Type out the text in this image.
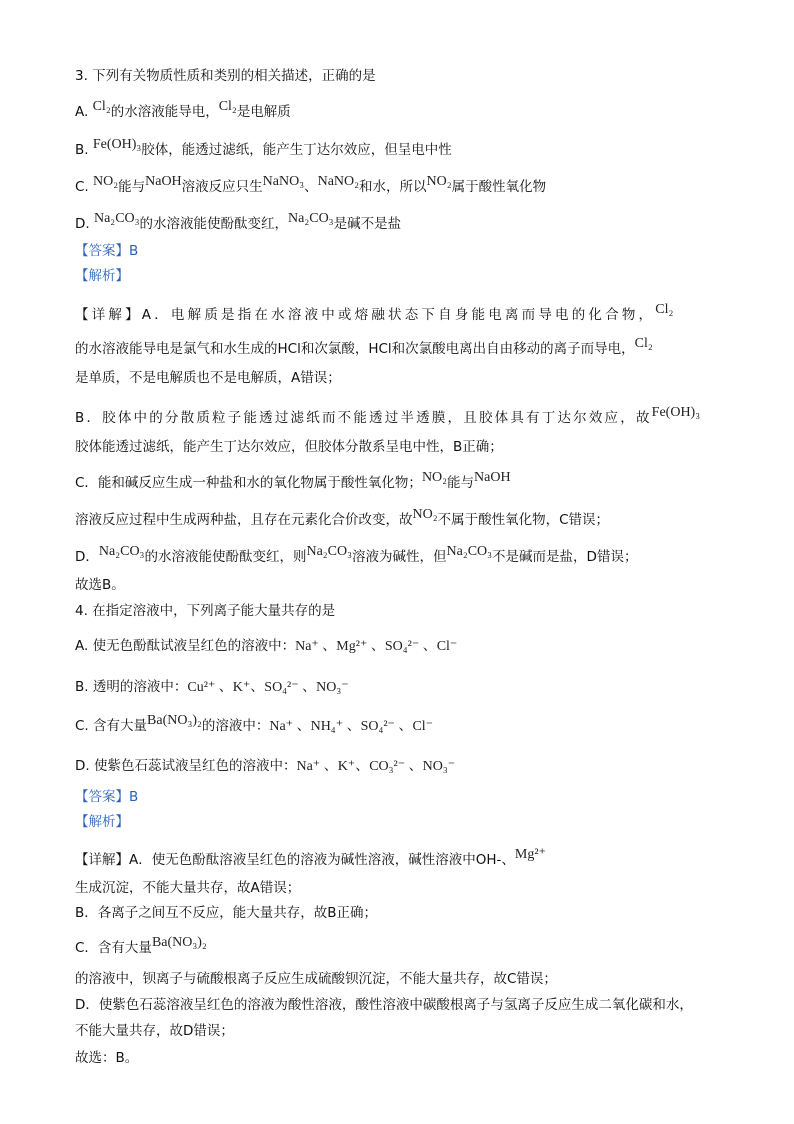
3. 下列有关物质性质和类别的相关描述，正确的是
A. Cl₂的水溶液能导电，Cl₂是电解质
B. Fe(OH)₃胶体，能透过滤纸，能产生丁达尔效应，但呈电中性
C. NO₂能与NaOH溶液反应只生NaNO₃、NaNO₂和水，所以NO₂属于酸性氧化物
D. Na₂CO₃的水溶液能使酚酞变红，Na₂CO₃是碱不是盐
【答案】B
【解析】
【详解】A．电解质是指在水溶液中或熔融状态下自身能电离而导电的化合物，Cl₂
的水溶液能导电是氯气和水生成的HCl和次氯酸，HCl和次氯酸电离出自由移动的离子而导电，Cl₂
是单质，不是电解质也不是电解质，A错误；
B．胶体中的分散质粒子能透过滤纸而不能透过半透膜，且胶体具有丁达尔效应，故Fe(OH)₃
胶体能透过滤纸，能产生丁达尔效应，但胶体分散系呈电中性，B正确；
C．能和碱反应生成一种盐和水的氧化物属于酸性氧化物；NO₂能与NaOH
溶液反应过程中生成两种盐，且存在元素化合价改变，故NO₂不属于酸性氧化物，C错误；
D．Na₂CO₃的水溶液能使酚酞变红，则Na₂CO₃溶液为碱性，但Na₂CO₃不是碱而是盐，D错误；
故选B。
4. 在指定溶液中，下列离子能大量共存的是
A. 使无色酚酞试液呈红色的溶液中：Na⁺ 、Mg²⁺ 、SO₄²⁻ 、Cl⁻
B. 透明的溶液中：Cu²⁺ 、K⁺、SO₄²⁻ 、NO₃⁻
C. 含有大量Ba(NO₃)₂的溶液中：Na⁺ 、NH₄⁺ 、SO₄²⁻ 、Cl⁻
D. 使紫色石蕊试液呈红色的溶液中：Na⁺ 、K⁺、CO₃²⁻ 、NO₃⁻
【答案】B
【解析】
【详解】A．使无色酚酞溶液呈红色的溶液为碱性溶液，碱性溶液中OH-、Mg²⁺
生成沉淀，不能大量共存，故A错误；
B．各离子之间互不反应，能大量共存，故B正确；
C．含有大量Ba(NO₃)₂
的溶液中，钡离子与硫酸根离子反应生成硫酸钡沉淀，不能大量共存，故C错误；
D．使紫色石蕊溶液呈红色的溶液为酸性溶液，酸性溶液中碳酸根离子与氢离子反应生成二氧化碳和水，
不能大量共存，故D错误；
故选：B。
